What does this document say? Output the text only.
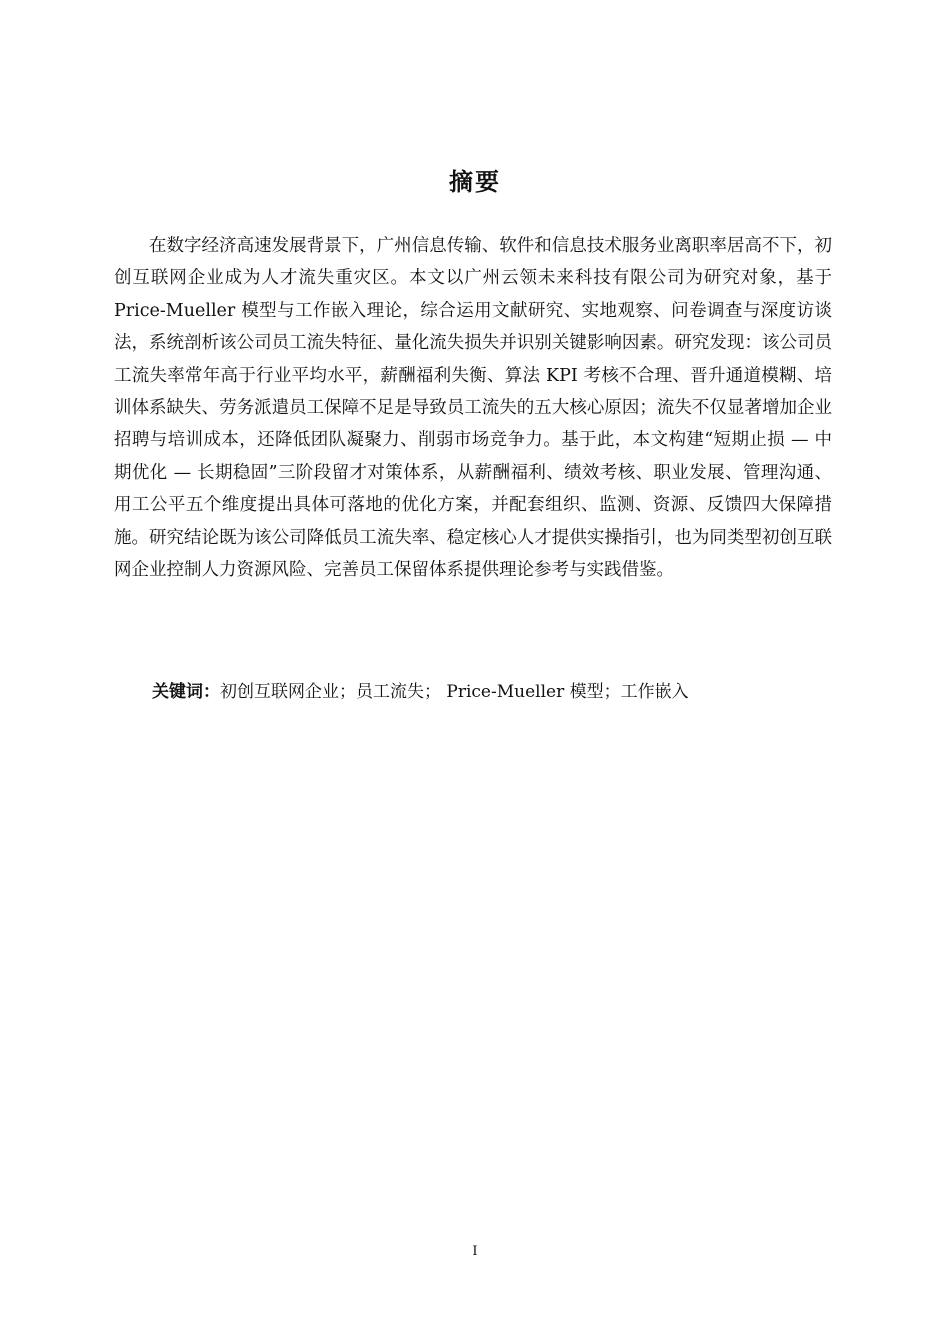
摘要

在数字经济高速发展背景下，广州信息传输、软件和信息技术服务业离职率居高不下，初创互联网企业成为人才流失重灾区。本文以广州云领未来科技有限公司为研究对象，基于Price-Mueller 模型与工作嵌入理论，综合运用文献研究、实地观察、问卷调查与深度访谈法，系统剖析该公司员工流失特征、量化流失损失并识别关键影响因素。研究发现：该公司员工流失率常年高于行业平均水平，薪酬福利失衡、算法 KPI 考核不合理、晋升通道模糊、培训体系缺失、劳务派遣员工保障不足是导致员工流失的五大核心原因；流失不仅显著增加企业招聘与培训成本，还降低团队凝聚力、削弱市场竞争力。基于此，本文构建“短期止损 — 中期优化 — 长期稳固”三阶段留才对策体系，从薪酬福利、绩效考核、职业发展、管理沟通、用工公平五个维度提出具体可落地的优化方案，并配套组织、监测、资源、反馈四大保障措施。研究结论既为该公司降低员工流失率、稳定核心人才提供实操指引，也为同类型初创互联网企业控制人力资源风险、完善员工保留体系提供理论参考与实践借鉴。

关键词：初创互联网企业；员工流失； Price-Mueller 模型；工作嵌入
I
